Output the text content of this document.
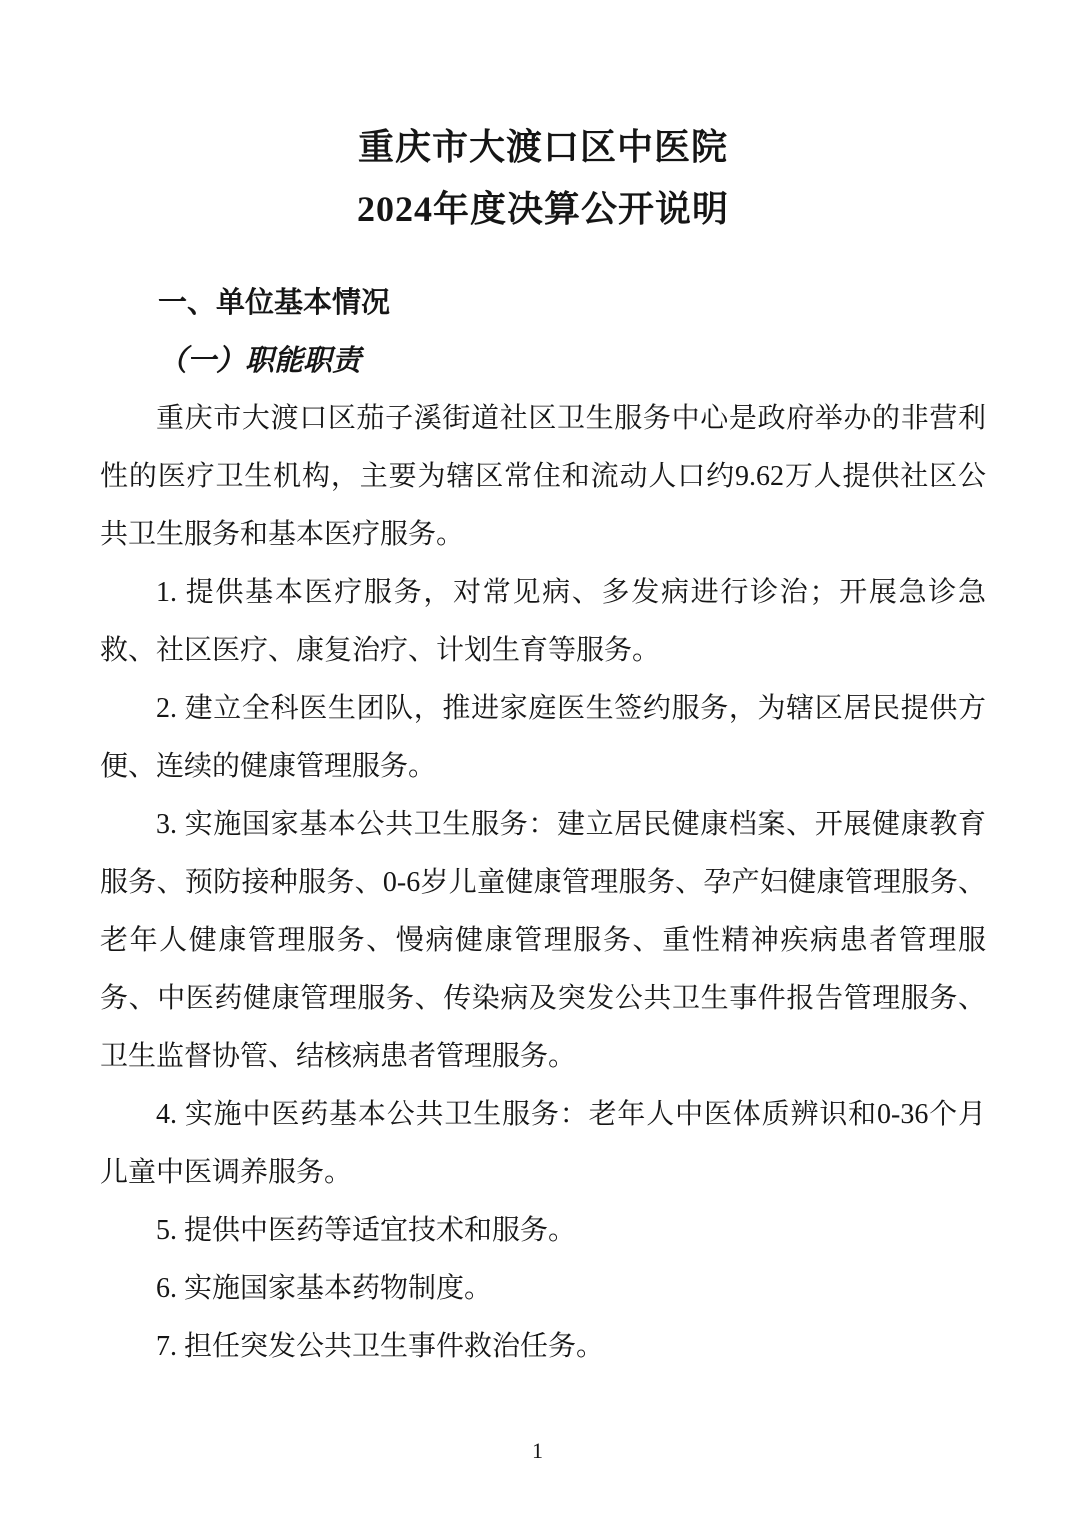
重庆市大渡口区中医院
2024年度决算公开说明
一、单位基本情况
（一）职能职责

重庆市大渡口区茄子溪街道社区卫生服务中心是政府举办的非营利性的医疗卫生机构，主要为辖区常住和流动人口约9.62万人提供社区公共卫生服务和基本医疗服务。

1. 提供基本医疗服务，对常见病、多发病进行诊治；开展急诊急救、社区医疗、康复治疗、计划生育等服务。

2. 建立全科医生团队，推进家庭医生签约服务，为辖区居民提供方便、连续的健康管理服务。

3. 实施国家基本公共卫生服务：建立居民健康档案、开展健康教育服务、预防接种服务、0-6岁儿童健康管理服务、孕产妇健康管理服务、老年人健康管理服务、慢病健康管理服务、重性精神疾病患者管理服务、中医药健康管理服务、传染病及突发公共卫生事件报告管理服务、卫生监督协管、结核病患者管理服务。

4. 实施中医药基本公共卫生服务：老年人中医体质辨识和0-36个月儿童中医调养服务。

5. 提供中医药等适宜技术和服务。

6. 实施国家基本药物制度。

7. 担任突发公共卫生事件救治任务。

1
